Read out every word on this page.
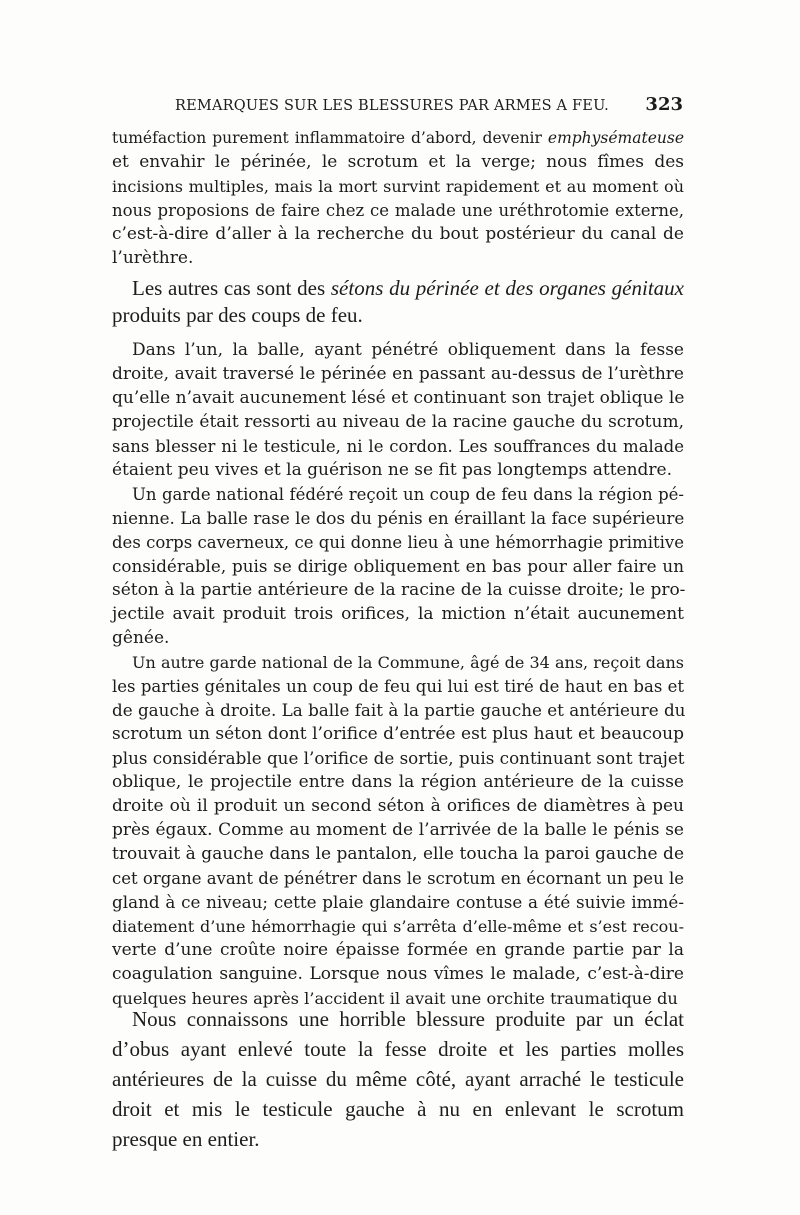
REMARQUES SUR LES BLESSURES PAR ARMES A FEU. 323
tuméfaction purement inflammatoire d’abord, devenir emphysémateuse
et envahir le périnée, le scrotum et la verge; nous fîmes des
incisions multiples, mais la mort survint rapidement et au moment où
nous proposions de faire chez ce malade une uréthrotomie externe,
c’est-à-dire d’aller à la recherche du bout postérieur du canal de
l’urèthre.
Les autres cas sont des sétons du périnée et des organes génitaux
produits par des coups de feu.
Dans l’un, la balle, ayant pénétré obliquement dans la fesse
droite, avait traversé le périnée en passant au-dessus de l’urèthre
qu’elle n’avait aucunement lésé et continuant son trajet oblique le
projectile était ressorti au niveau de la racine gauche du scrotum,
sans blesser ni le testicule, ni le cordon. Les souffrances du malade
étaient peu vives et la guérison ne se fit pas longtemps attendre.
Un garde national fédéré reçoit un coup de feu dans la région pé-
nienne. La balle rase le dos du pénis en éraillant la face supérieure
des corps caverneux, ce qui donne lieu à une hémorrhagie primitive
considérable, puis se dirige obliquement en bas pour aller faire un
séton à la partie antérieure de la racine de la cuisse droite; le pro-
jectile avait produit trois orifices, la miction n’était aucunement
gênée.
Un autre garde national de la Commune, âgé de 34 ans, reçoit dans
les parties génitales un coup de feu qui lui est tiré de haut en bas et
de gauche à droite. La balle fait à la partie gauche et antérieure du
scrotum un séton dont l’orifice d’entrée est plus haut et beaucoup
plus considérable que l’orifice de sortie, puis continuant sont trajet
oblique, le projectile entre dans la région antérieure de la cuisse
droite où il produit un second séton à orifices de diamètres à peu
près égaux. Comme au moment de l’arrivée de la balle le pénis se
trouvait à gauche dans le pantalon, elle toucha la paroi gauche de
cet organe avant de pénétrer dans le scrotum en écornant un peu le
gland à ce niveau; cette plaie glandaire contuse a été suivie immé-
diatement d’une hémorrhagie qui s’arrêta d’elle-même et s’est recou-
verte d’une croûte noire épaisse formée en grande partie par la
coagulation sanguine. Lorsque nous vîmes le malade, c’est-à-dire
quelques heures après l’accident il avait une orchite traumatique du
Nous connaissons une horrible blessure produite par un éclat
d’obus ayant enlevé toute la fesse droite et les parties molles
antérieures de la cuisse du même côté, ayant arraché le testicule
droit et mis le testicule gauche à nu en enlevant le scrotum
presque en entier.
